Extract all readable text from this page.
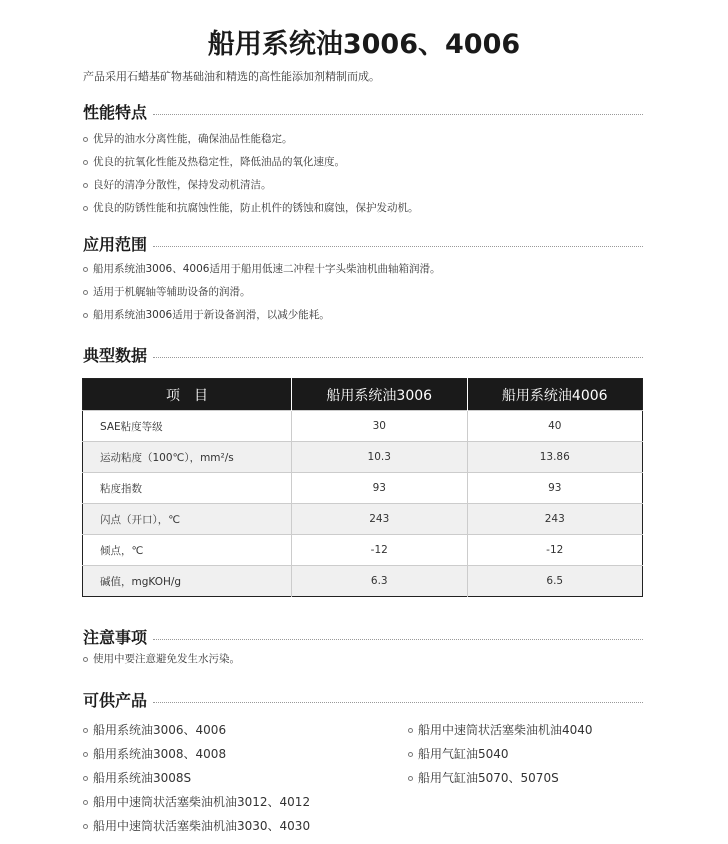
船用系统油3006、4006
产品采用石蜡基矿物基础油和精选的高性能添加剂精制而成。
性能特点
优异的油水分离性能，确保油品性能稳定。
优良的抗氧化性能及热稳定性，降低油品的氧化速度。
良好的清净分散性，保持发动机清洁。
优良的防锈性能和抗腐蚀性能，防止机件的锈蚀和腐蚀，保护发动机。
应用范围
船用系统油3006、4006适用于船用低速二冲程十字头柴油机曲轴箱润滑。
适用于机艉轴等辅助设备的润滑。
船用系统油3006适用于新设备润滑，以减少能耗。
典型数据
项　目	船用系统油3006	船用系统油4006
SAE粘度等级	30	40
运动粘度（100℃），mm²/s	10.3	13.86
粘度指数	93	93
闪点（开口），℃	243	243
倾点，℃	-12	-12
碱值，mgKOH/g	6.3	6.5
注意事项
使用中要注意避免发生水污染。
可供产品
船用系统油3006、4006
船用系统油3008、4008
船用系统油3008S
船用中速筒状活塞柴油机油3012、4012
船用中速筒状活塞柴油机油3030、4030
船用中速筒状活塞柴油机油4040
船用气缸油5040
船用气缸油5070、5070S
